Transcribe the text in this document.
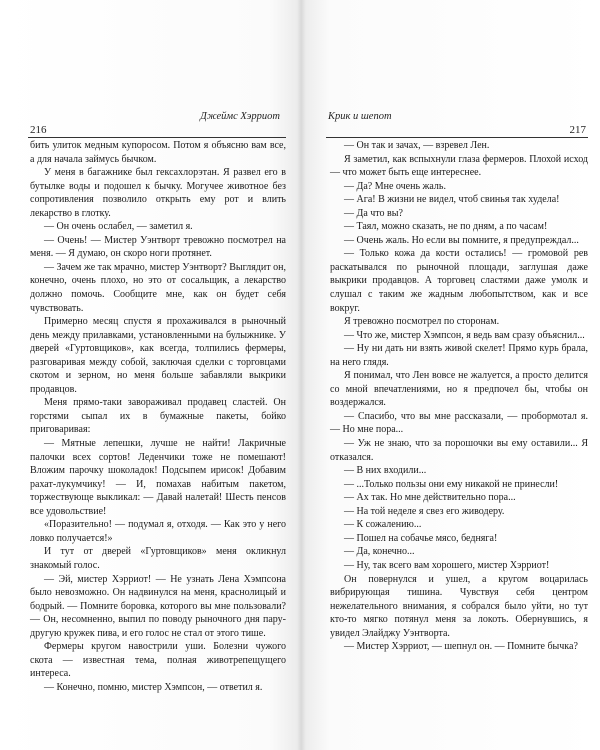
Джеймс Хэрриот
216

бить улиток медным купоросом. Потом я объясню вам все, а для начала займусь бычком.

У меня в багажнике был гексахлорэтан. Я развел его в бутылке воды и подошел к бычку. Могучее животное без сопротивления позволило открыть ему рот и влить лекарство в глотку.

— Он очень ослабел, — заметил я.

— Очень! — Мистер Уэнтворт тревожно посмотрел на меня. — Я думаю, он скоро ноги протянет.

— Зачем же так мрачно, мистер Уэнтворт? Выглядит он, конечно, очень плохо, но это от сосальщик, а лекарство должно помочь. Сообщите мне, как он будет себя чувствовать.

Примерно месяц спустя я прохаживался в рыночный день между прилавками, установленными на булыжнике. У дверей «Гуртовщиков», как всегда, толпились фермеры, разговаривая между собой, заключая сделки с торговцами скотом и зерном, но меня больше забавляли выкрики продавцов.

Меня прямо-таки завораживал продавец сластей. Он горстями сыпал их в бумажные пакеты, бойко приговаривая:

— Мятные лепешки, лучше не найти! Лакричные палочки всех сортов! Леденчики тоже не помешают! Вложим парочку шоколадок! Подсыпем ирисок! Добавим рахат-лукумчику! — И, помахав набитым пакетом, торжествующе выкликал: — Давай налетай! Шесть пенсов все удовольствие!

«Поразительно! — подумал я, отходя. — Как это у него ловко получается!»

И тут от дверей «Гуртовщиков» меня окликнул знакомый голос.

— Эй, мистер Хэрриот! — Не узнать Лена Хэмпсона было невозможно. Он надвинулся на меня, краснолицый и бодрый. — Помните боровка, которого вы мне пользовали? — Он, несомненно, выпил по поводу рыночного дня пару-другую кружек пива, и его голос не стал от этого тише.

Фермеры кругом навострили уши. Болезни чужого скота — известная тема, полная животрепещущего интереса.

— Конечно, помню, мистер Хэмпсон, — ответил я.

Крик и шепот
217

— Он так и зачах, — взревел Лен.

Я заметил, как вспыхнули глаза фермеров. Плохой исход — что может быть еще интереснее.

— Да? Мне очень жаль.

— Ага! В жизни не видел, чтоб свинья так худела!

— Да что вы?

— Таял, можно сказать, не по дням, а по часам!

— Очень жаль. Но если вы помните, я предупреждал...

— Только кожа да кости остались! — громовой рев раскатывался по рыночной площади, заглушая даже выкрики продавцов. А торговец сластями даже умолк и слушал с таким же жадным любопытством, как и все вокруг.

Я тревожно посмотрел по сторонам.

— Что же, мистер Хэмпсон, я ведь вам сразу объяснил...

— Ну ни дать ни взять живой скелет! Прямо курь брала, на него глядя.

Я понимал, что Лен вовсе не жалуется, а просто делится со мной впечатлениями, но я предпочел бы, чтобы он воздержался.

— Спасибо, что вы мне рассказали, — пробормотал я. — Но мне пора...

— Уж не знаю, что за порошочки вы ему оставили... Я отказался.

— В них входили...

— ...Только пользы они ему никакой не принесли!

— Ах так. Но мне действительно пора...

— На той неделе я свез его живодеру.

— К сожалению...

— Пошел на собачье мясо, бедняга!

— Да, конечно...

— Ну, так всего вам хорошего, мистер Хэрриот!

Он повернулся и ушел, а кругом воцарилась вибрирующая тишина. Чувствуя себя центром нежелательного внимания, я собрался было уйти, но тут кто-то мягко потянул меня за локоть. Обернувшись, я увидел Элайджу Уэнтворта.

— Мистер Хэрриот, — шепнул он. — Помните бычка?
